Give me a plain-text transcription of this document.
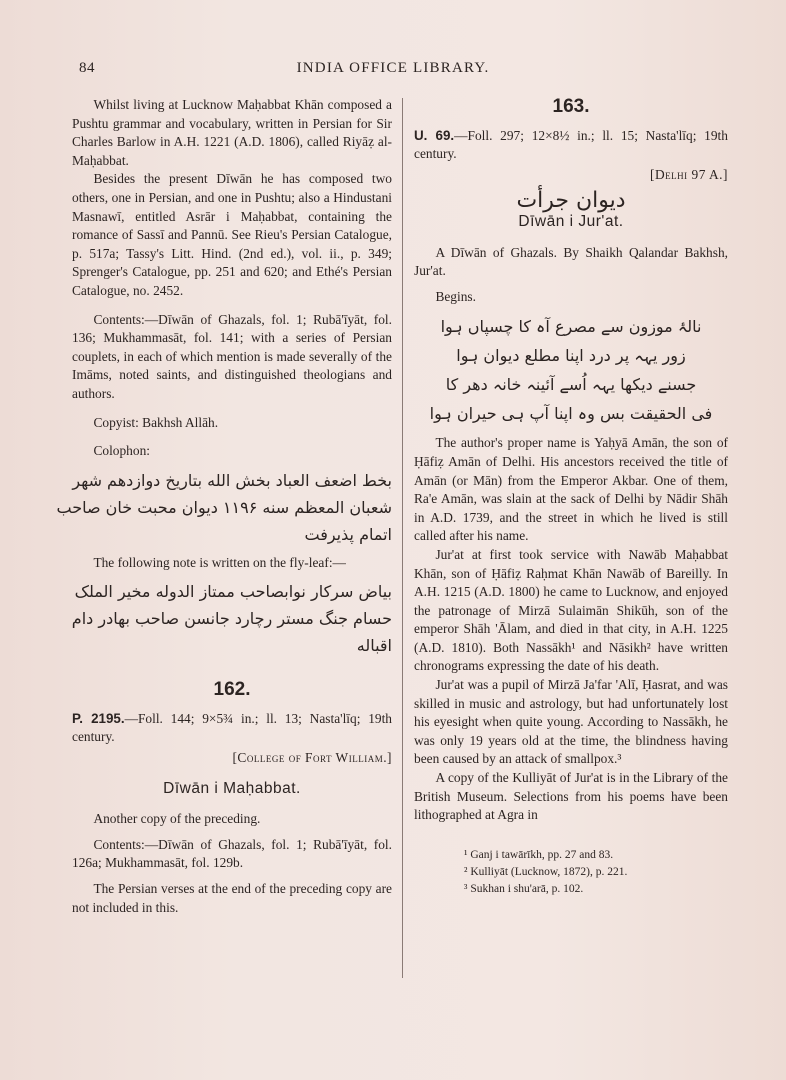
84	INDIA OFFICE LIBRARY.

Whilst living at Lucknow Maḥabbat Khān composed a Pushtu grammar and vocabulary, written in Persian for Sir Charles Barlow in A.H. 1221 (A.D. 1806), called Riyāẓ al-Maḥabbat.

Besides the present Dīwān he has composed two others, one in Persian, and one in Pushtu; also a Hindustani Masnawī, entitled Asrār i Maḥabbat, containing the romance of Sassī and Pannū. See Rieu's Persian Catalogue, p. 517a; Tassy's Litt. Hind. (2nd ed.), vol. ii., p. 349; Sprenger's Catalogue, pp. 251 and 620; and Ethé's Persian Catalogue, no. 2452.

Contents:—Dīwān of Ghazals, fol. 1; Rubā'īyāt, fol. 136; Mukhammasāt, fol. 141; with a series of Persian couplets, in each of which mention is made severally of the Imāms, noted saints, and distinguished theologians and authors.

Copyist: Bakhsh Allāh.

Colophon:

بخط اضعف العباد بخش الله بتاریخ دوازدهم شهر
شعبان المعظم سنه ۱۱۹۶ دیوان محبت خان صاحب
اتمام پذیرفت

The following note is written on the fly-leaf:—

بیاض سرکار نوابصاحب ممتاز الدوله مخیر الملک
حسام جنگ مستر رچارد جانسن صاحب بهادر دام
اقباله
162.

P. 2195.—Foll. 144; 9×5¾ in.; ll. 13; Nasta'līq; 19th century.

[College of Fort William.]

Dīwān i Maḥabbat.

Another copy of the preceding.

Contents:—Dīwān of Ghazals, fol. 1; Rubā'īyāt, fol. 126a; Mukhammasāt, fol. 129b.

The Persian verses at the end of the preceding copy are not included in this.

163.

U. 69.—Foll. 297; 12×8½ in.; ll. 15; Nasta'līq; 19th century.

[Delhi 97 A.]

دیوان جرأت
Dīwān i Jur'at.

A Dīwān of Ghazals. By Shaikh Qalandar Bakhsh, Jur'at.

Begins.

نالۂ موزون سے مصرع آہ کا چسپاں ہوا
زور یہہ پر درد اپنا مطلع دیوان ہوا
جسنے دیکھا یہہ اُسے آئینہ خانہ دھر کا
فی الحقیقت بس وہ اپنا آپ ہی حیران ہوا

The author's proper name is Yaḥyā Amān, the son of Ḥāfiẓ Amān of Delhi. His ancestors received the title of Amān (or Mān) from the Emperor Akbar. One of them, Ra'e Amān, was slain at the sack of Delhi by Nādir Shāh in A.D. 1739, and the street in which he lived is still called after his name.

Jur'at at first took service with Nawāb Maḥabbat Khān, son of Ḥāfiẓ Raḥmat Khān Nawāb of Bareilly. In A.H. 1215 (A.D. 1800) he came to Lucknow, and enjoyed the patronage of Mirzā Sulaimān Shikūh, son of the emperor Shāh 'Ālam, and died in that city, in A.H. 1225 (A.D. 1810). Both Nassākh¹ and Nāsikh² have written chronograms expressing the date of his death.

Jur'at was a pupil of Mirzā Ja'far 'Alī, Ḥasrat, and was skilled in music and astrology, but had unfortunately lost his eyesight when quite young. According to Nassākh, he was only 19 years old at the time, the blindness having been caused by an attack of smallpox.³

A copy of the Kulliyāt of Jur'at is in the Library of the British Museum. Selections from his poems have been lithographed at Agra in

¹ Ganj i tawārīkh, pp. 27 and 83.
² Kulliyāt (Lucknow, 1872), p. 221.
³ Sukhan i shu'arā, p. 102.
